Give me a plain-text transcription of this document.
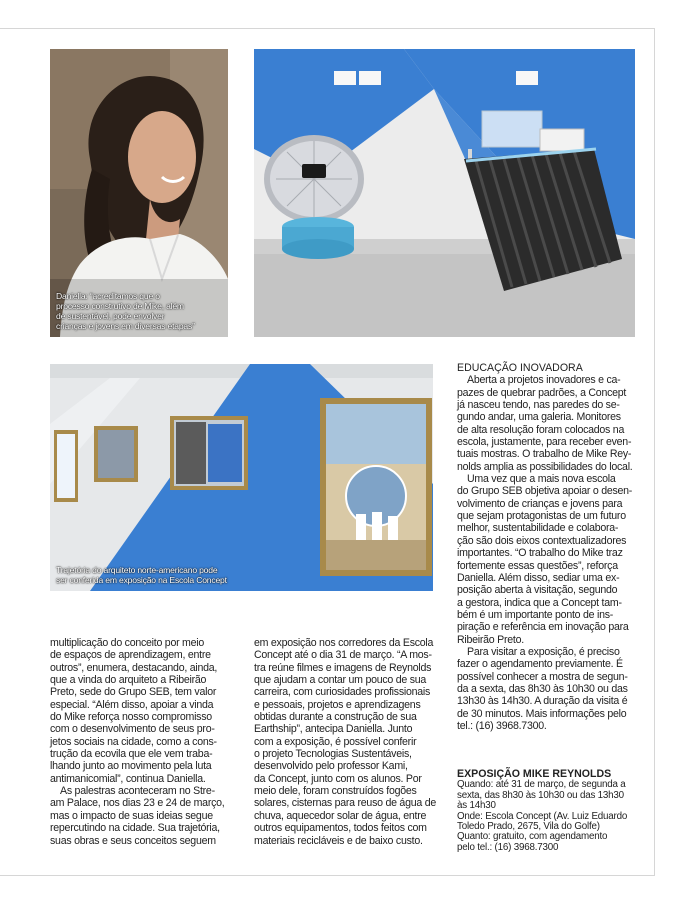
Daniella: “acreditamos que o
processo construtivo de Mike, além
de sustentável, pode envolver
crianças e jovens em diversas etapas”
Trajetória do arquiteto norte-americano pode
ser conferida em exposição na Escola Concept
multiplicação do conceito por meio
de espaços de aprendizagem, entre
outros”, enumera, destacando, ainda,
que a vinda do arquiteto a Ribeirão
Preto, sede do Grupo SEB, tem valor
especial. “Além disso, apoiar a vinda
do Mike reforça nosso compromisso
com o desenvolvimento de seus pro-
jetos sociais na cidade, como a cons-
trução da ecovila que ele vem traba-
lhando junto ao movimento pela luta
antimanicomial”, continua Daniella.
As palestras aconteceram no Stre-
am Palace, nos dias 23 e 24 de março,
mas o impacto de suas ideias segue
repercutindo na cidade. Sua trajetória,
suas obras e seus conceitos seguem
em exposição nos corredores da Escola
Concept até o dia 31 de março. “A mos-
tra reúne filmes e imagens de Reynolds
que ajudam a contar um pouco de sua
carreira, com curiosidades profissionais
e pessoais, projetos e aprendizagens
obtidas durante a construção de sua
Earthship”, antecipa Daniella. Junto
com a exposição, é possível conferir
o projeto Tecnologias Sustentáveis,
desenvolvido pelo professor Kami,
da Concept, junto com os alunos. Por
meio dele, foram construídos fogões
solares, cisternas para reuso de água de
chuva, aquecedor solar de água, entre
outros equipamentos, todos feitos com
materiais recicláveis e de baixo custo.
EDUCAÇÃO INOVADORA
Aberta a projetos inovadores e ca-
pazes de quebrar padrões, a Concept
já nasceu tendo, nas paredes do se-
gundo andar, uma galeria. Monitores
de alta resolução foram colocados na
escola, justamente, para receber even-
tuais mostras. O trabalho de Mike Rey-
nolds amplia as possibilidades do local.
Uma vez que a mais nova escola
do Grupo SEB objetiva apoiar o desen-
volvimento de crianças e jovens para
que sejam protagonistas de um futuro
melhor, sustentabilidade e colabora-
ção são dois eixos contextualizadores
importantes. “O trabalho do Mike traz
fortemente essas questões”, reforça
Daniella. Além disso, sediar uma ex-
posição aberta à visitação, segundo
a gestora, indica que a Concept tam-
bém é um importante ponto de ins-
piração e referência em inovação para
Ribeirão Preto.
Para visitar a exposição, é preciso
fazer o agendamento previamente. É
possível conhecer a mostra de segun-
da a sexta, das 8h30 às 10h30 ou das
13h30 às 14h30. A duração da visita é
de 30 minutos. Mais informações pelo
tel.: (16) 3968.7300.
EXPOSIÇÃO MIKE REYNOLDS
Quando: até 31 de março, de segunda a
sexta, das 8h30 às 10h30 ou das 13h30
às 14h30
Onde: Escola Concept (Av. Luiz Eduardo
Toledo Prado, 2675, Vila do Golfe)
Quanto: gratuito, com agendamento
pelo tel.: (16) 3968.7300
